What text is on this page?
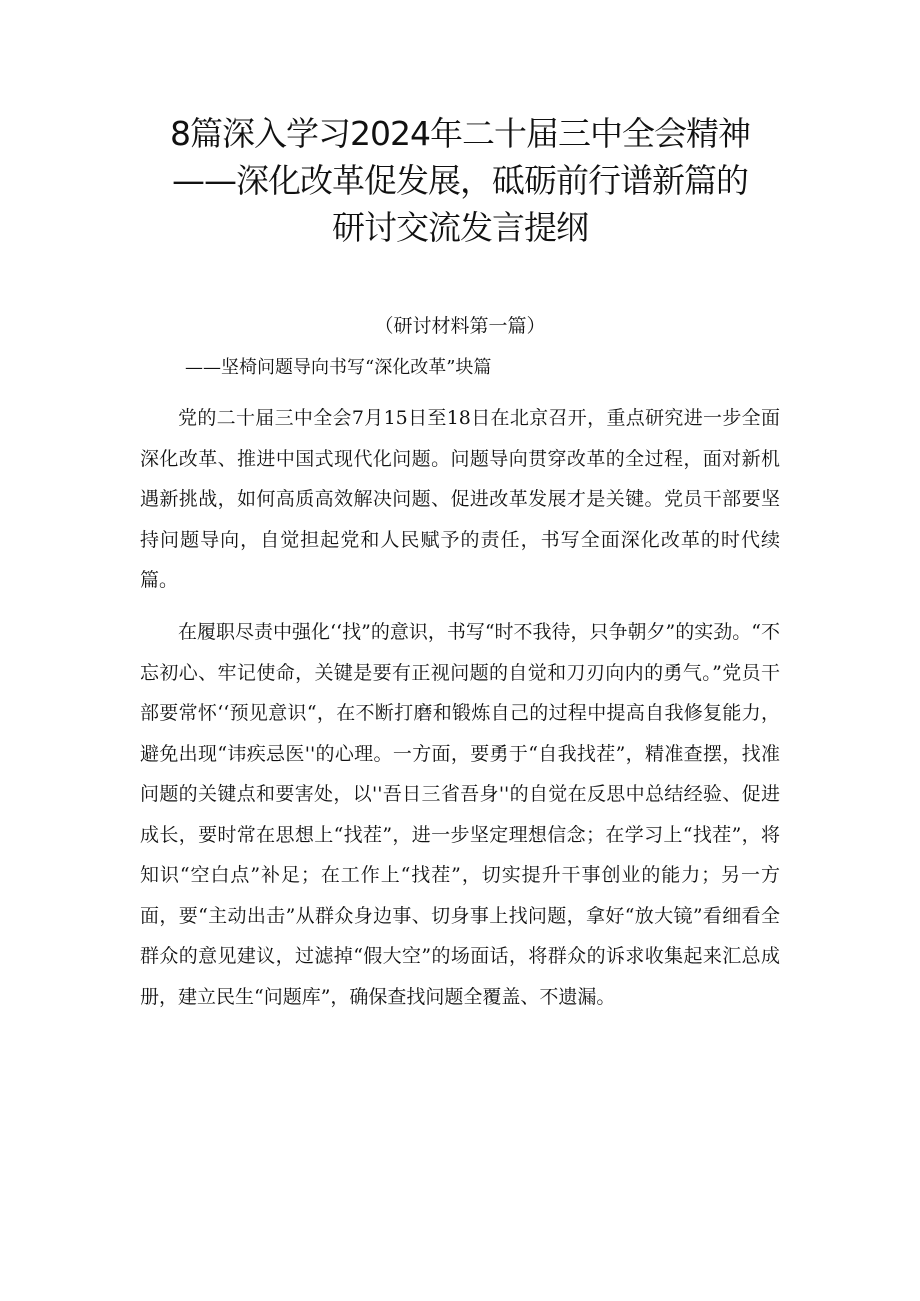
8篇深入学习2024年二十届三中全会精神
——深化改革促发展，砥砺前行谱新篇的
研讨交流发言提纲
（研讨材料第一篇）
——坚椅问题导向书写“深化改革”块篇

党的二十届三中全会7月15日至18日在北京召开，重点研究进一步全面深化改革、推进中国式现代化问题。问题导向贯穿改革的全过程，面对新机遇新挑战，如何高质高效解决问题、促进改革发展才是关键。党员干部要坚持问题导向，自觉担起党和人民赋予的责任，书写全面深化改革的时代续篇。

在履职尽责中强化‘‘找”的意识，书写“时不我待，只争朝夕”的实劲。“不忘初心、牢记使命，关键是要有正视问题的自觉和刀刃向内的勇气。”党员干部要常怀‘‘预见意识“，在不断打磨和锻炼自己的过程中提高自我修复能力，避免出现“讳疾忌医''的心理。一方面，要勇于“自我找茬”，精准查摆，找准问题的关键点和要害处，以''吾日三省吾身''的自觉在反思中总结经验、促进成长，要时常在思想上“找茬”，进一步坚定理想信念；在学习上“找茬”，将知识“空白点”补足；在工作上“找茬”，切实提升干事创业的能力；另一方面，要“主动出击”从群众身边事、切身事上找问题，拿好“放大镜”看细看全群众的意见建议，过滤掉“假大空”的场面话，将群众的诉求收集起来汇总成册，建立民生“问题库”，确保查找问题全覆盖、不遗漏。
